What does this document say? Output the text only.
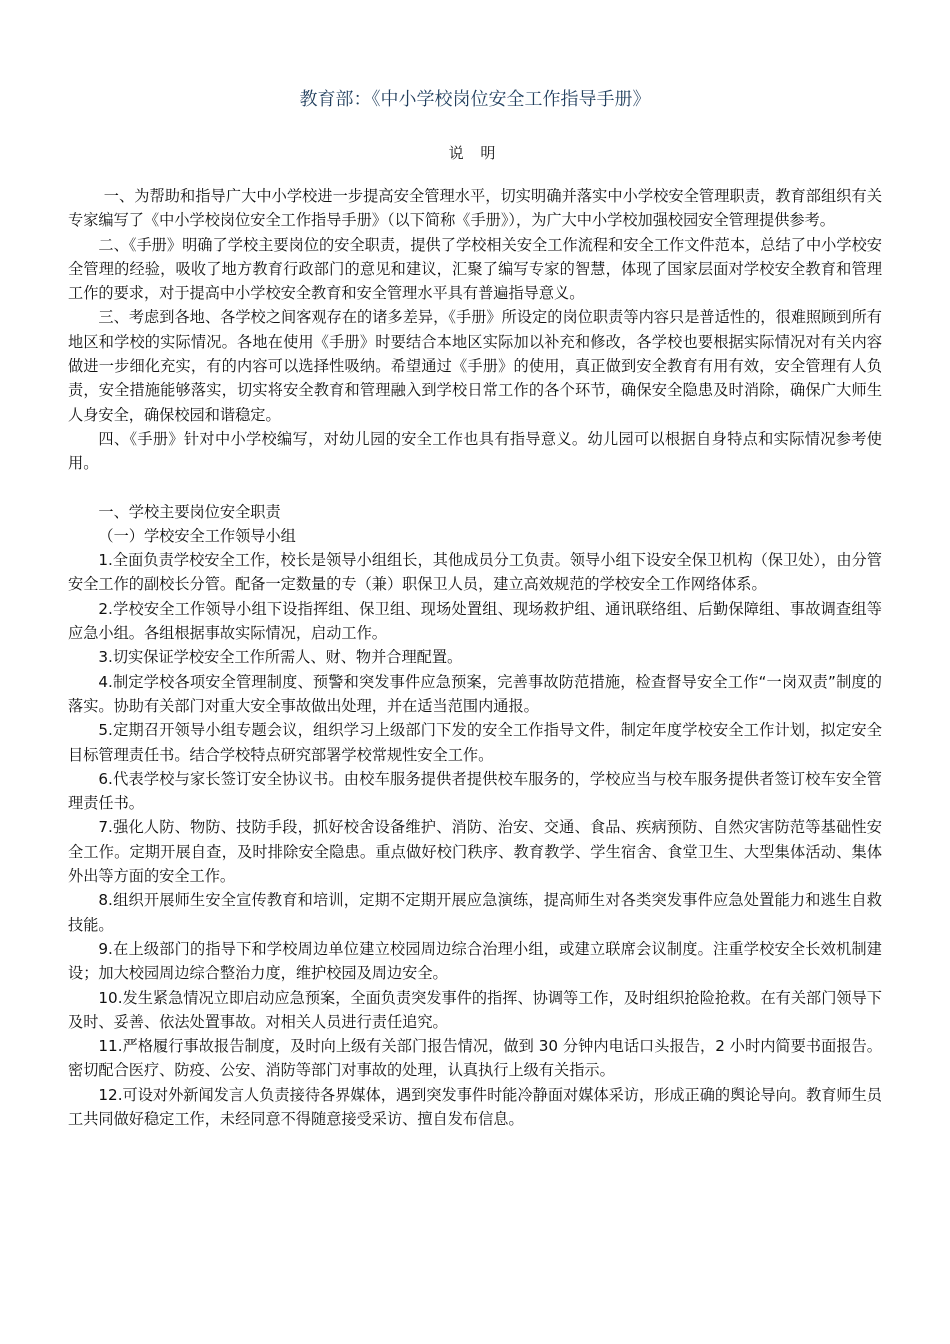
教育部：《中小学校岗位安全工作指导手册》

说 明

一、为帮助和指导广大中小学校进一步提高安全管理水平，切实明确并落实中小学校安全管理职责，教育部组织有关专家编写了《中小学校岗位安全工作指导手册》（以下简称《手册》），为广大中小学校加强校园安全管理提供参考。

二、《手册》明确了学校主要岗位的安全职责，提供了学校相关安全工作流程和安全工作文件范本，总结了中小学校安全管理的经验，吸收了地方教育行政部门的意见和建议，汇聚了编写专家的智慧，体现了国家层面对学校安全教育和管理工作的要求，对于提高中小学校安全教育和安全管理水平具有普遍指导意义。

三、考虑到各地、各学校之间客观存在的诸多差异，《手册》所设定的岗位职责等内容只是普适性的，很难照顾到所有地区和学校的实际情况。各地在使用《手册》时要结合本地区实际加以补充和修改，各学校也要根据实际情况对有关内容做进一步细化充实，有的内容可以选择性吸纳。希望通过《手册》的使用，真正做到安全教育有用有效，安全管理有人负责，安全措施能够落实，切实将安全教育和管理融入到学校日常工作的各个环节，确保安全隐患及时消除，确保广大师生人身安全，确保校园和谐稳定。

四、《手册》针对中小学校编写，对幼儿园的安全工作也具有指导意义。幼儿园可以根据自身特点和实际情况参考使用。

一、学校主要岗位安全职责

（一）学校安全工作领导小组

1.全面负责学校安全工作，校长是领导小组组长，其他成员分工负责。领导小组下设安全保卫机构（保卫处），由分管安全工作的副校长分管。配备一定数量的专（兼）职保卫人员，建立高效规范的学校安全工作网络体系。

2.学校安全工作领导小组下设指挥组、保卫组、现场处置组、现场救护组、通讯联络组、后勤保障组、事故调查组等应急小组。各组根据事故实际情况，启动工作。

3.切实保证学校安全工作所需人、财、物并合理配置。

4.制定学校各项安全管理制度、预警和突发事件应急预案，完善事故防范措施，检查督导安全工作“一岗双责”制度的落实。协助有关部门对重大安全事故做出处理，并在适当范围内通报。

5.定期召开领导小组专题会议，组织学习上级部门下发的安全工作指导文件，制定年度学校安全工作计划，拟定安全目标管理责任书。结合学校特点研究部署学校常规性安全工作。

6.代表学校与家长签订安全协议书。由校车服务提供者提供校车服务的，学校应当与校车服务提供者签订校车安全管理责任书。

7.强化人防、物防、技防手段，抓好校舍设备维护、消防、治安、交通、食品、疾病预防、自然灾害防范等基础性安全工作。定期开展自查，及时排除安全隐患。重点做好校门秩序、教育教学、学生宿舍、食堂卫生、大型集体活动、集体外出等方面的安全工作。

8.组织开展师生安全宣传教育和培训，定期不定期开展应急演练，提高师生对各类突发事件应急处置能力和逃生自救技能。

9.在上级部门的指导下和学校周边单位建立校园周边综合治理小组，或建立联席会议制度。注重学校安全长效机制建设；加大校园周边综合整治力度，维护校园及周边安全。

10.发生紧急情况立即启动应急预案，全面负责突发事件的指挥、协调等工作，及时组织抢险抢救。在有关部门领导下及时、妥善、依法处置事故。对相关人员进行责任追究。

11.严格履行事故报告制度，及时向上级有关部门报告情况，做到 30 分钟内电话口头报告，2 小时内简要书面报告。密切配合医疗、防疫、公安、消防等部门对事故的处理，认真执行上级有关指示。

12.可设对外新闻发言人负责接待各界媒体，遇到突发事件时能冷静面对媒体采访，形成正确的舆论导向。教育师生员工共同做好稳定工作，未经同意不得随意接受采访、擅自发布信息。
